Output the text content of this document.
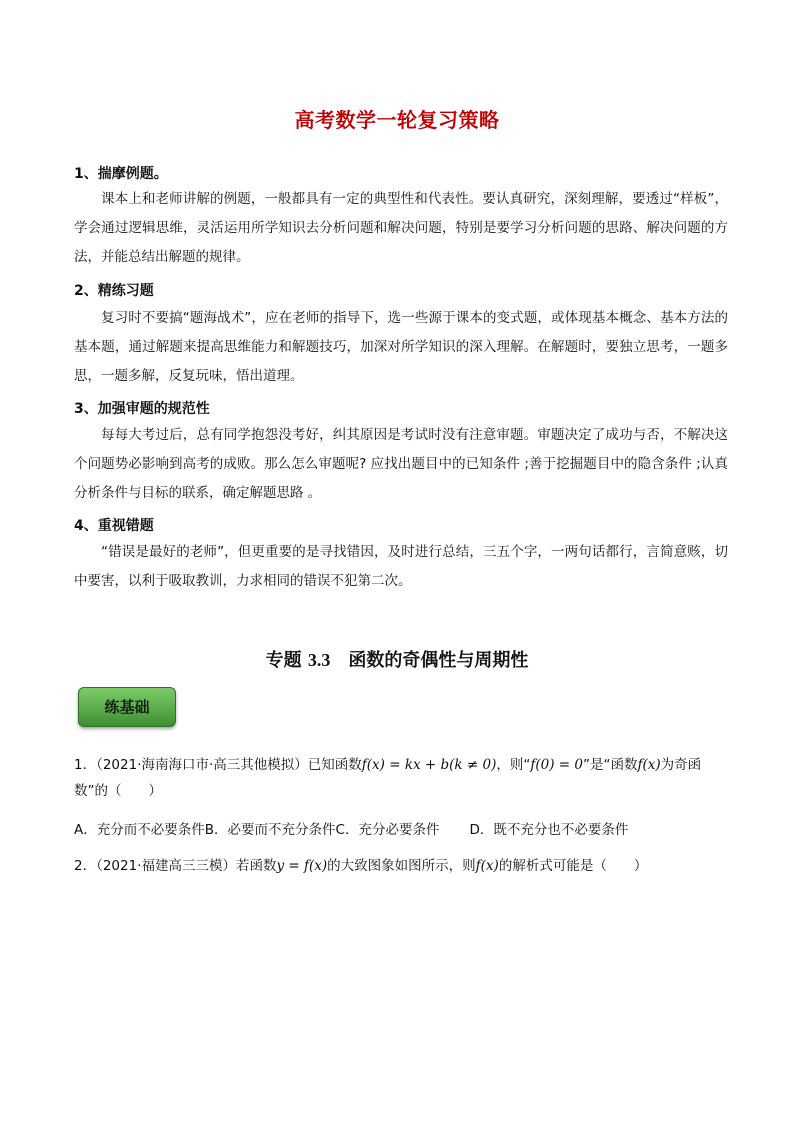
高考数学一轮复习策略
1、揣摩例题。
课本上和老师讲解的例题，一般都具有一定的典型性和代表性。要认真研究，深刻理解，要透过“样板”，学会通过逻辑思维，灵活运用所学知识去分析问题和解决问题，特别是要学习分析问题的思路、解决问题的方法，并能总结出解题的规律。
2、精练习题
复习时不要搞“题海战术”，应在老师的指导下，选一些源于课本的变式题，或体现基本概念、基本方法的基本题，通过解题来提高思维能力和解题技巧，加深对所学知识的深入理解。在解题时，要独立思考，一题多思，一题多解，反复玩味，悟出道理。
3、加强审题的规范性
每每大考过后，总有同学抱怨没考好，纠其原因是考试时没有注意审题。审题决定了成功与否，不解决这个问题势必影响到高考的成败。那么怎么审题呢? 应找出题目中的已知条件 ;善于挖掘题目中的隐含条件 ;认真分析条件与目标的联系，确定解题思路 。
4、重视错题
“错误是最好的老师”，但更重要的是寻找错因，及时进行总结，三五个字，一两句话都行，言简意赅，切中要害，以利于吸取教训，力求相同的错误不犯第二次。
专题 3.3　 函数的奇偶性与周期性
练基础
1．（2021·海南海口市·高三其他模拟）已知函数f(x) = kx + b(k ≠ 0)，则“f(0) = 0”是“函数f(x)为奇函数”的（　　）
A．充分而不必要条件B．必要而不充分条件C．充分必要条件 D．既不充分也不必要条件
2．（2021·福建高三三模）若函数y = f(x)的大致图象如图所示，则f(x)的解析式可能是（　　）
